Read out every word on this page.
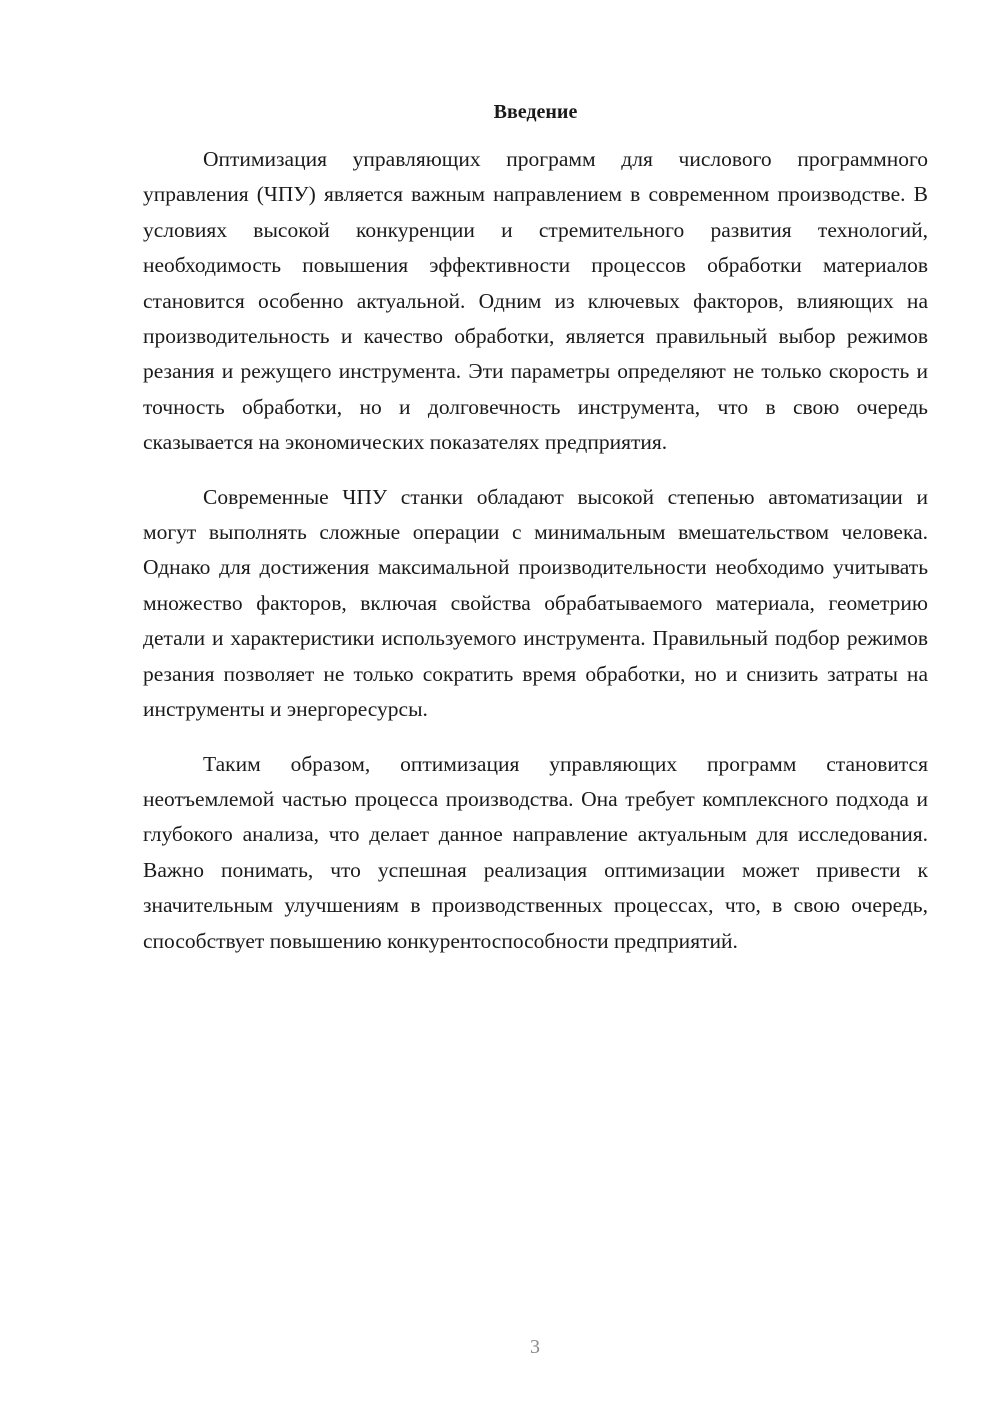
Введение

Оптимизация управляющих программ для числового программного управления (ЧПУ) является важным направлением в современном производстве. В условиях высокой конкуренции и стремительного развития технологий, необходимость повышения эффективности процессов обработки материалов становится особенно актуальной. Одним из ключевых факторов, влияющих на производительность и качество обработки, является правильный выбор режимов резания и режущего инструмента. Эти параметры определяют не только скорость и точность обработки, но и долговечность инструмента, что в свою очередь сказывается на экономических показателях предприятия.

Современные ЧПУ станки обладают высокой степенью автоматизации и могут выполнять сложные операции с минимальным вмешательством человека. Однако для достижения максимальной производительности необходимо учитывать множество факторов, включая свойства обрабатываемого материала, геометрию детали и характеристики используемого инструмента. Правильный подбор режимов резания позволяет не только сократить время обработки, но и снизить затраты на инструменты и энергоресурсы.

Таким образом, оптимизация управляющих программ становится неотъемлемой частью процесса производства. Она требует комплексного подхода и глубокого анализа, что делает данное направление актуальным для исследования. Важно понимать, что успешная реализация оптимизации может привести к значительным улучшениям в производственных процессах, что, в свою очередь, способствует повышению конкурентоспособности предприятий.

3
